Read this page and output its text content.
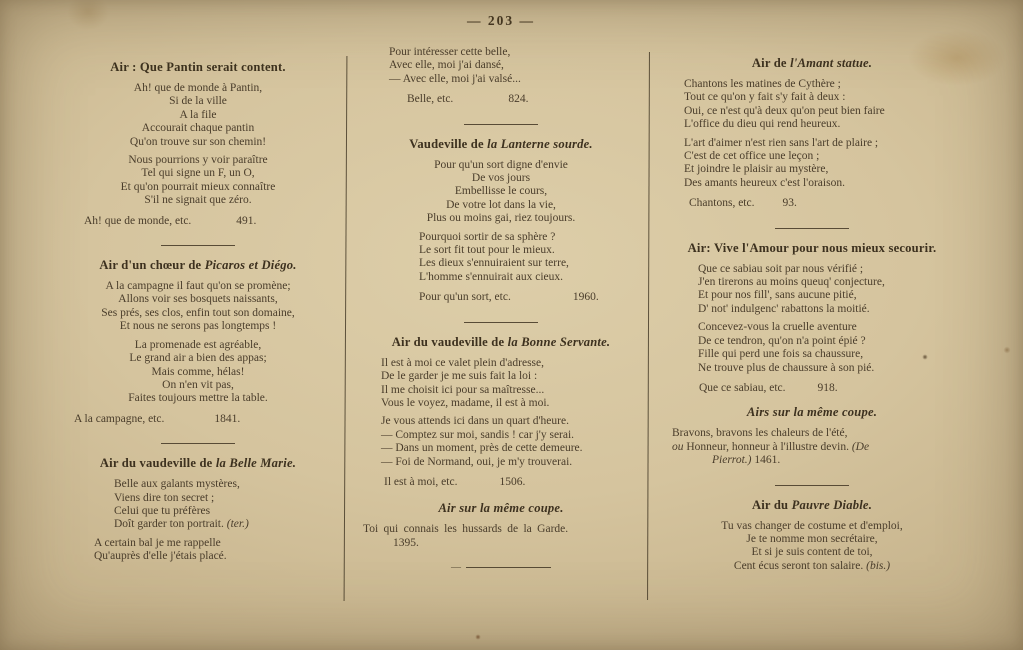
— 203 —
Air : Que Pantin serait content.
Ah! que de monde à Pantin,
Si de la ville
A la file
Accourait chaque pantin
Qu'on trouve sur son chemin!
Nous pourrions y voir paraître
Tel qui signe un F, un O,
Et qu'on pourrait mieux connaître
S'il ne signait que zéro.
Ah! que de monde, etc.	491.
Air d'un chœur de Picaros et Diégo.
A la campagne il faut qu'on se promène;
Allons voir ses bosquets naissants,
Ses prés, ses clos, enfin tout son domaine,
Et nous ne serons pas longtemps !
La promenade est agréable,
Le grand air a bien des appas;
Mais comme, hélas!
On n'en vit pas,
Faites toujours mettre la table.
A la campagne, etc.	1841.
Air du vaudeville de la Belle Marie.
Belle aux galants mystères,
Viens dire ton secret ;
Celui que tu préfères
Doît garder ton portrait. (ter.)
A certain bal je me rappelle
Qu'auprès d'elle j'étais placé.
Pour intéresser cette belle,
Avec elle, moi j'ai dansé,
— Avec elle, moi j'ai valsé...
Belle, etc.	824.
Vaudeville de la Lanterne sourde.
Pour qu'un sort digne d'envie
De vos jours
Embellisse le cours,
De votre lot dans la vie,
Plus ou moins gai, riez toujours.
Pourquoi sortir de sa sphère ?
Le sort fit tout pour le mieux.
Les dieux s'ennuiraient sur terre,
L'homme s'ennuirait aux cieux.
Pour qu'un sort, etc.	1960.
Air du vaudeville de la Bonne Servante.
Il est à moi ce valet plein d'adresse,
De le garder je me suis fait la loi :
Il me choisit ici pour sa maîtresse...
Vous le voyez, madame, il est à moi.
Je vous attends ici dans un quart d'heure.
— Comptez sur moi, sandis ! car j'y serai.
— Dans un moment, près de cette demeure.
— Foi de Normand, oui, je m'y trouverai.
Il est à moi, etc.	1506.
Air sur la même coupe.
Toi qui connais les hussards de la Garde.
1395.
—
Air de l'Amant statue.
Chantons les matines de Cythère ;
Tout ce qu'on y fait s'y fait à deux :
Oui, ce n'est qu'à deux qu'on peut bien faire
L'office du dieu qui rend heureux.
L'art d'aimer n'est rien sans l'art de plaire ;
C'est de cet office une leçon ;
Et joindre le plaisir au mystère,
Des amants heureux c'est l'oraison.
Chantons, etc. 93.
Air: Vive l'Amour pour nous mieux secourir.
Que ce sabiau soit par nous vérifié ;
J'en tirerons au moins queuq' conjecture,
Et pour nos fill', sans aucune pitié,
D' not' indulgenc' rabattons la moitié.
Concevez-vous la cruelle aventure
De ce tendron, qu'on n'a point épié ?
Fille qui perd une fois sa chaussure,
Ne trouve plus de chaussure à son pié.
Que ce sabiau, etc.	918.
Airs sur la même coupe.
Bravons, bravons les chaleurs de l'été,
ou Honneur, honneur à l'illustre devin. (De
Pierrot.) 1461.
Air du Pauvre Diable.
Tu vas changer de costume et d'emploi,
Je te nomme mon secrétaire,
Et si je suis content de toi,
Cent écus seront ton salaire. (bis.)
